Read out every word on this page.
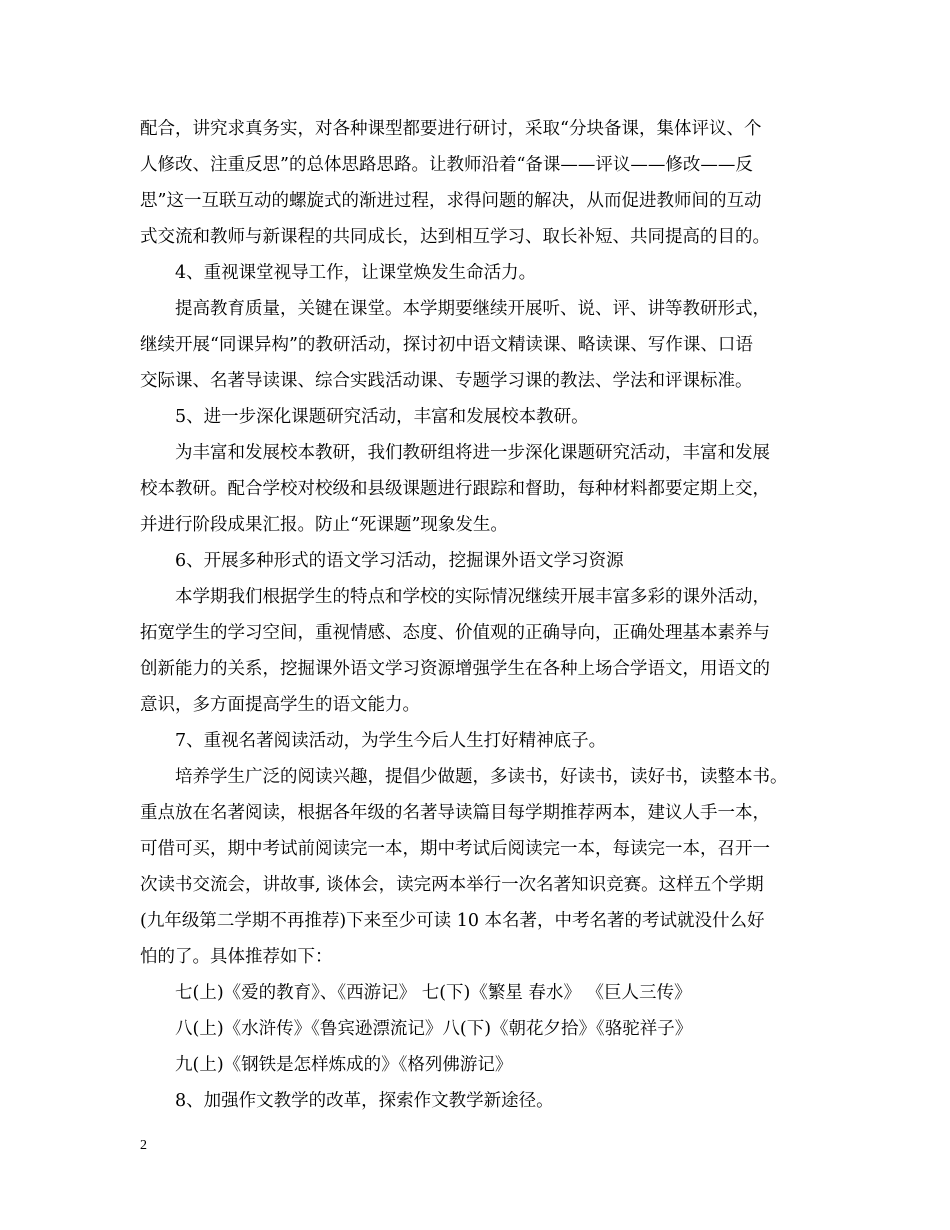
配合，讲究求真务实，对各种课型都要进行研讨，采取“分块备课，集体评议、个
人修改、注重反思”的总体思路思路。让教师沿着“备课——评议——修改——反
思”这一互联互动的螺旋式的渐进过程，求得问题的解决，从而促进教师间的互动
式交流和教师与新课程的共同成长，达到相互学习、取长补短、共同提高的目的。
4、重视课堂视导工作，让课堂焕发生命活力。
提高教育质量，关键在课堂。本学期要继续开展听、说、评、讲等教研形式，
继续开展“同课异构”的教研活动，探讨初中语文精读课、略读课、写作课、口语
交际课、名著导读课、综合实践活动课、专题学习课的教法、学法和评课标准。
5、进一步深化课题研究活动，丰富和发展校本教研。
为丰富和发展校本教研，我们教研组将进一步深化课题研究活动，丰富和发展
校本教研。配合学校对校级和县级课题进行跟踪和督助，每种材料都要定期上交，
并进行阶段成果汇报。防止“死课题”现象发生。
6、开展多种形式的语文学习活动，挖掘课外语文学习资源
本学期我们根据学生的特点和学校的实际情况继续开展丰富多彩的课外活动，
拓宽学生的学习空间，重视情感、态度、价值观的正确导向，正确处理基本素养与
创新能力的关系，挖掘课外语文学习资源增强学生在各种上场合学语文，用语文的
意识，多方面提高学生的语文能力。
7、重视名著阅读活动，为学生今后人生打好精神底子。
培养学生广泛的阅读兴趣，提倡少做题，多读书，好读书，读好书，读整本书。
重点放在名著阅读，根据各年级的名著导读篇目每学期推荐两本，建议人手一本，
可借可买，期中考试前阅读完一本，期中考试后阅读完一本，每读完一本，召开一
次读书交流会，讲故事, 谈体会，读完两本举行一次名著知识竞赛。这样五个学期
(九年级第二学期不再推荐)下来至少可读 10 本名著，中考名著的考试就没什么好
怕的了。具体推荐如下：
七(上)《爱的教育》、《西游记》 七(下)《繁星 春水》 《巨人三传》
八(上)《水浒传》《鲁宾逊漂流记》八(下)《朝花夕拾》《骆驼祥子》
九(上)《钢铁是怎样炼成的》《格列佛游记》
8、加强作文教学的改革，探索作文教学新途径。
2
